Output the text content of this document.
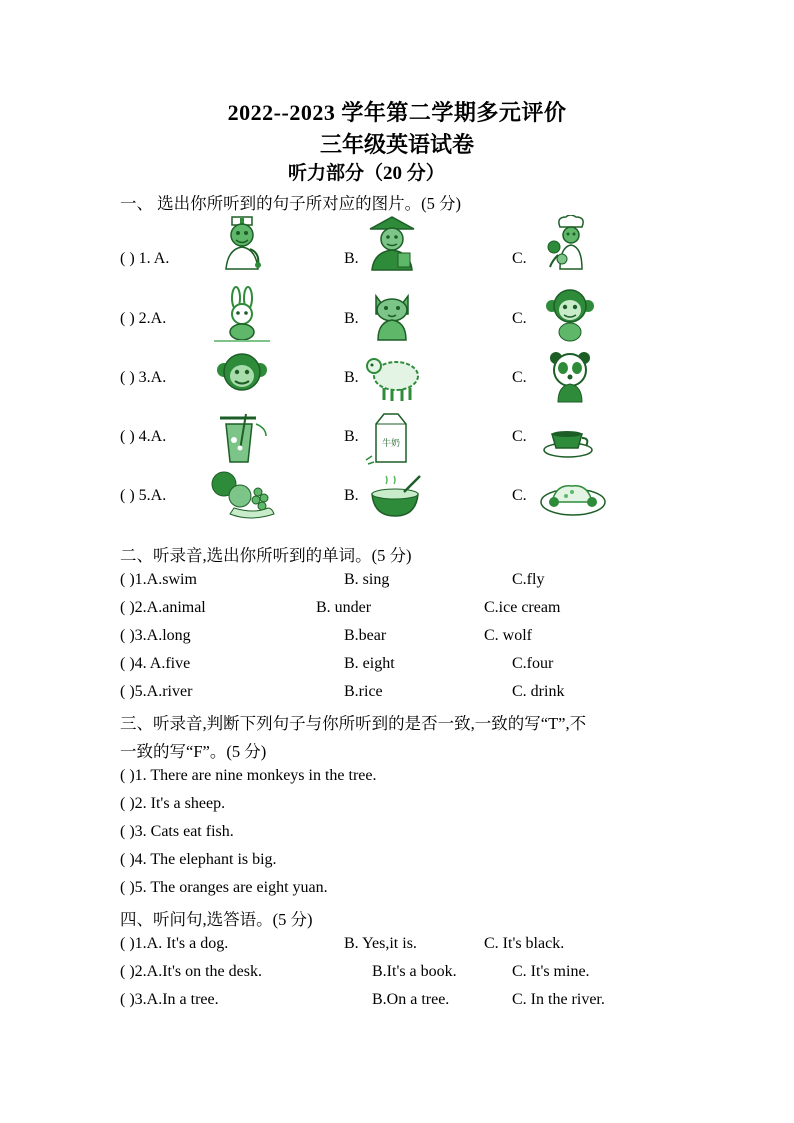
2022--2023 学年第二学期多元评价
三年级英语试卷
听力部分（20 分）
一、 选出你所听到的句子所对应的图片。(5 分)
( ) 1. A.	B.	C.
( ) 2.A.	B.	C.
( ) 3.A.	B.	C.
( ) 4.A.	B.	C.
牛奶
( ) 5.A.	B.	C.
二、听录音,选出你所听到的单词。(5 分)
( )1.A.swim	B. sing	C.fly
( )2.A.animal	B. under	C.ice cream
( )3.A.long	B.bear	C. wolf
( )4. A.five	B. eight	C.four
( )5.A.river	B.rice	C. drink
三、听录音,判断下列句子与你所听到的是否一致,一致的写“T”,不
一致的写“F”。(5 分)
( )1. There are nine monkeys in the tree.
( )2. It's a sheep.
( )3. Cats eat fish.
( )4. The elephant is big.
( )5. The oranges are eight yuan.
四、听问句,选答语。(5 分)
( )1.A. It's a dog.	B. Yes,it is.	C. It's black.
( )2.A.It's on the desk.	B.It's a book.	C. It's mine.
( )3.A.In a tree.	B.On a tree.	C. In the river.
